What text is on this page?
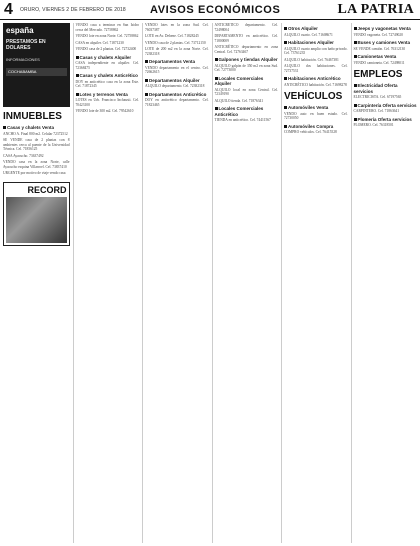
4 ORURO, VIERNES 2 DE FEBRERO DE 2018 AVISOS ECONÓMICOS	LA PATRIA
españa
PRESTAMOS EN DOLARES
INFORMACIONES
COCHABAMBA
INMUEBLES
Casas y chalets Venta
ANCHO A. Final 800 m2. Celular 72372512
SE VENDE casa de 2 plantas con 8 ambientes cerca al puente de la Universidad Técnica. Cel. 71856125
CASA Ayacucho. 73637492
VENDO casa en la zona Norte, calle Ayacucho esquina Villarroel. Cel. 73837410
URGENTE por motivo de viaje vendo casa
RECORD
VENDO casa a terminar en San Isidro cerca del Mercado. 72758862
VENDO lote en zona Norte. Cel. 72758862
CASA en alquiler. Cel. 71871230
VENDO casa de 2 plantas. Cel. 72732400
Casas y chalets Alquiler
CASA independiente en alquiler. Cel. 72368475
Casas y chalets Anticrético
DOY en anticrético casa en la zona Este. Cel. 71872345
Lotes y terrenos Venta
LOTES en Urb. Francisco Inchausti. Cel. 70423100
VENDO lote de 300 m2. Cel. 79542610
VENDO lotes en la zona Sud. Cel. 76037387
LOTE en Av. Dehene. Cel. 71828245
VENDO casa de 2 plantas. Cel. 73712150
LOTE de 200 m2 en la zona Norte. Cel. 72382318
Departamentos Venta
VENDO departamento en el centro. Cel. 72662615
Departamentos Alquiler
ALQUILO departamento. Cel. 72382318
Departamentos Anticrético
DOY en anticrético departamento. Cel. 71823465
ANTICRETICO departamento. Cel. 72498004
DEPARTAMENTO en anticrético. Cel. 71800009
ANTICRÉTICO departamento en zona Central. Cel. 72763467
Galpones y tiendas Alquiler
ALQUILO galpón de 350 m2 en zona Sud. Cel. 72773000
Locales Comerciales Alquiler
ALQUILO local en zona Central. Cel. 72349190
ALQUILO tienda. Cel. 71876341
Locales Comerciales Anticrético
TIENDA en anticrético. Cel. 74411567
Otros Alquiler
ALQUILO cuarto. Cel. 71608671
Habitaciones Alquiler
ALQUILO cuarto amplio con baño privado. Cel. 73761235
ALQUILO habitación. Cel. 76467381
ALQUILO dos habitaciones. Cel. 72737531
Habitaciones Anticrético
ANTICRÉTICO habitación. Cel. 71698278
VEHÍCULOS
Automóviles Venta
VENDO auto en buen estado. Cel. 72730050
Automóviles Compra
COMPRO vehículos. Cel. 76415528
Jeeps y vagonetas Venta
VENDO vagoneta. Cel. 72749020
Buses y camiones Venta
SE VENDE camión. Cel. 76312130
Camionetas Venta
VENDO camioneta. Cel. 72498011
EMPLEOS
Electricidad Oferta servicios
ELECTRICISTA. Cel. 67197565
Carpintería Oferta servicios
CARPINTERO. Cel. 71863641
Plomería Oferta servicios
PLOMERO. Cel. 76318501
